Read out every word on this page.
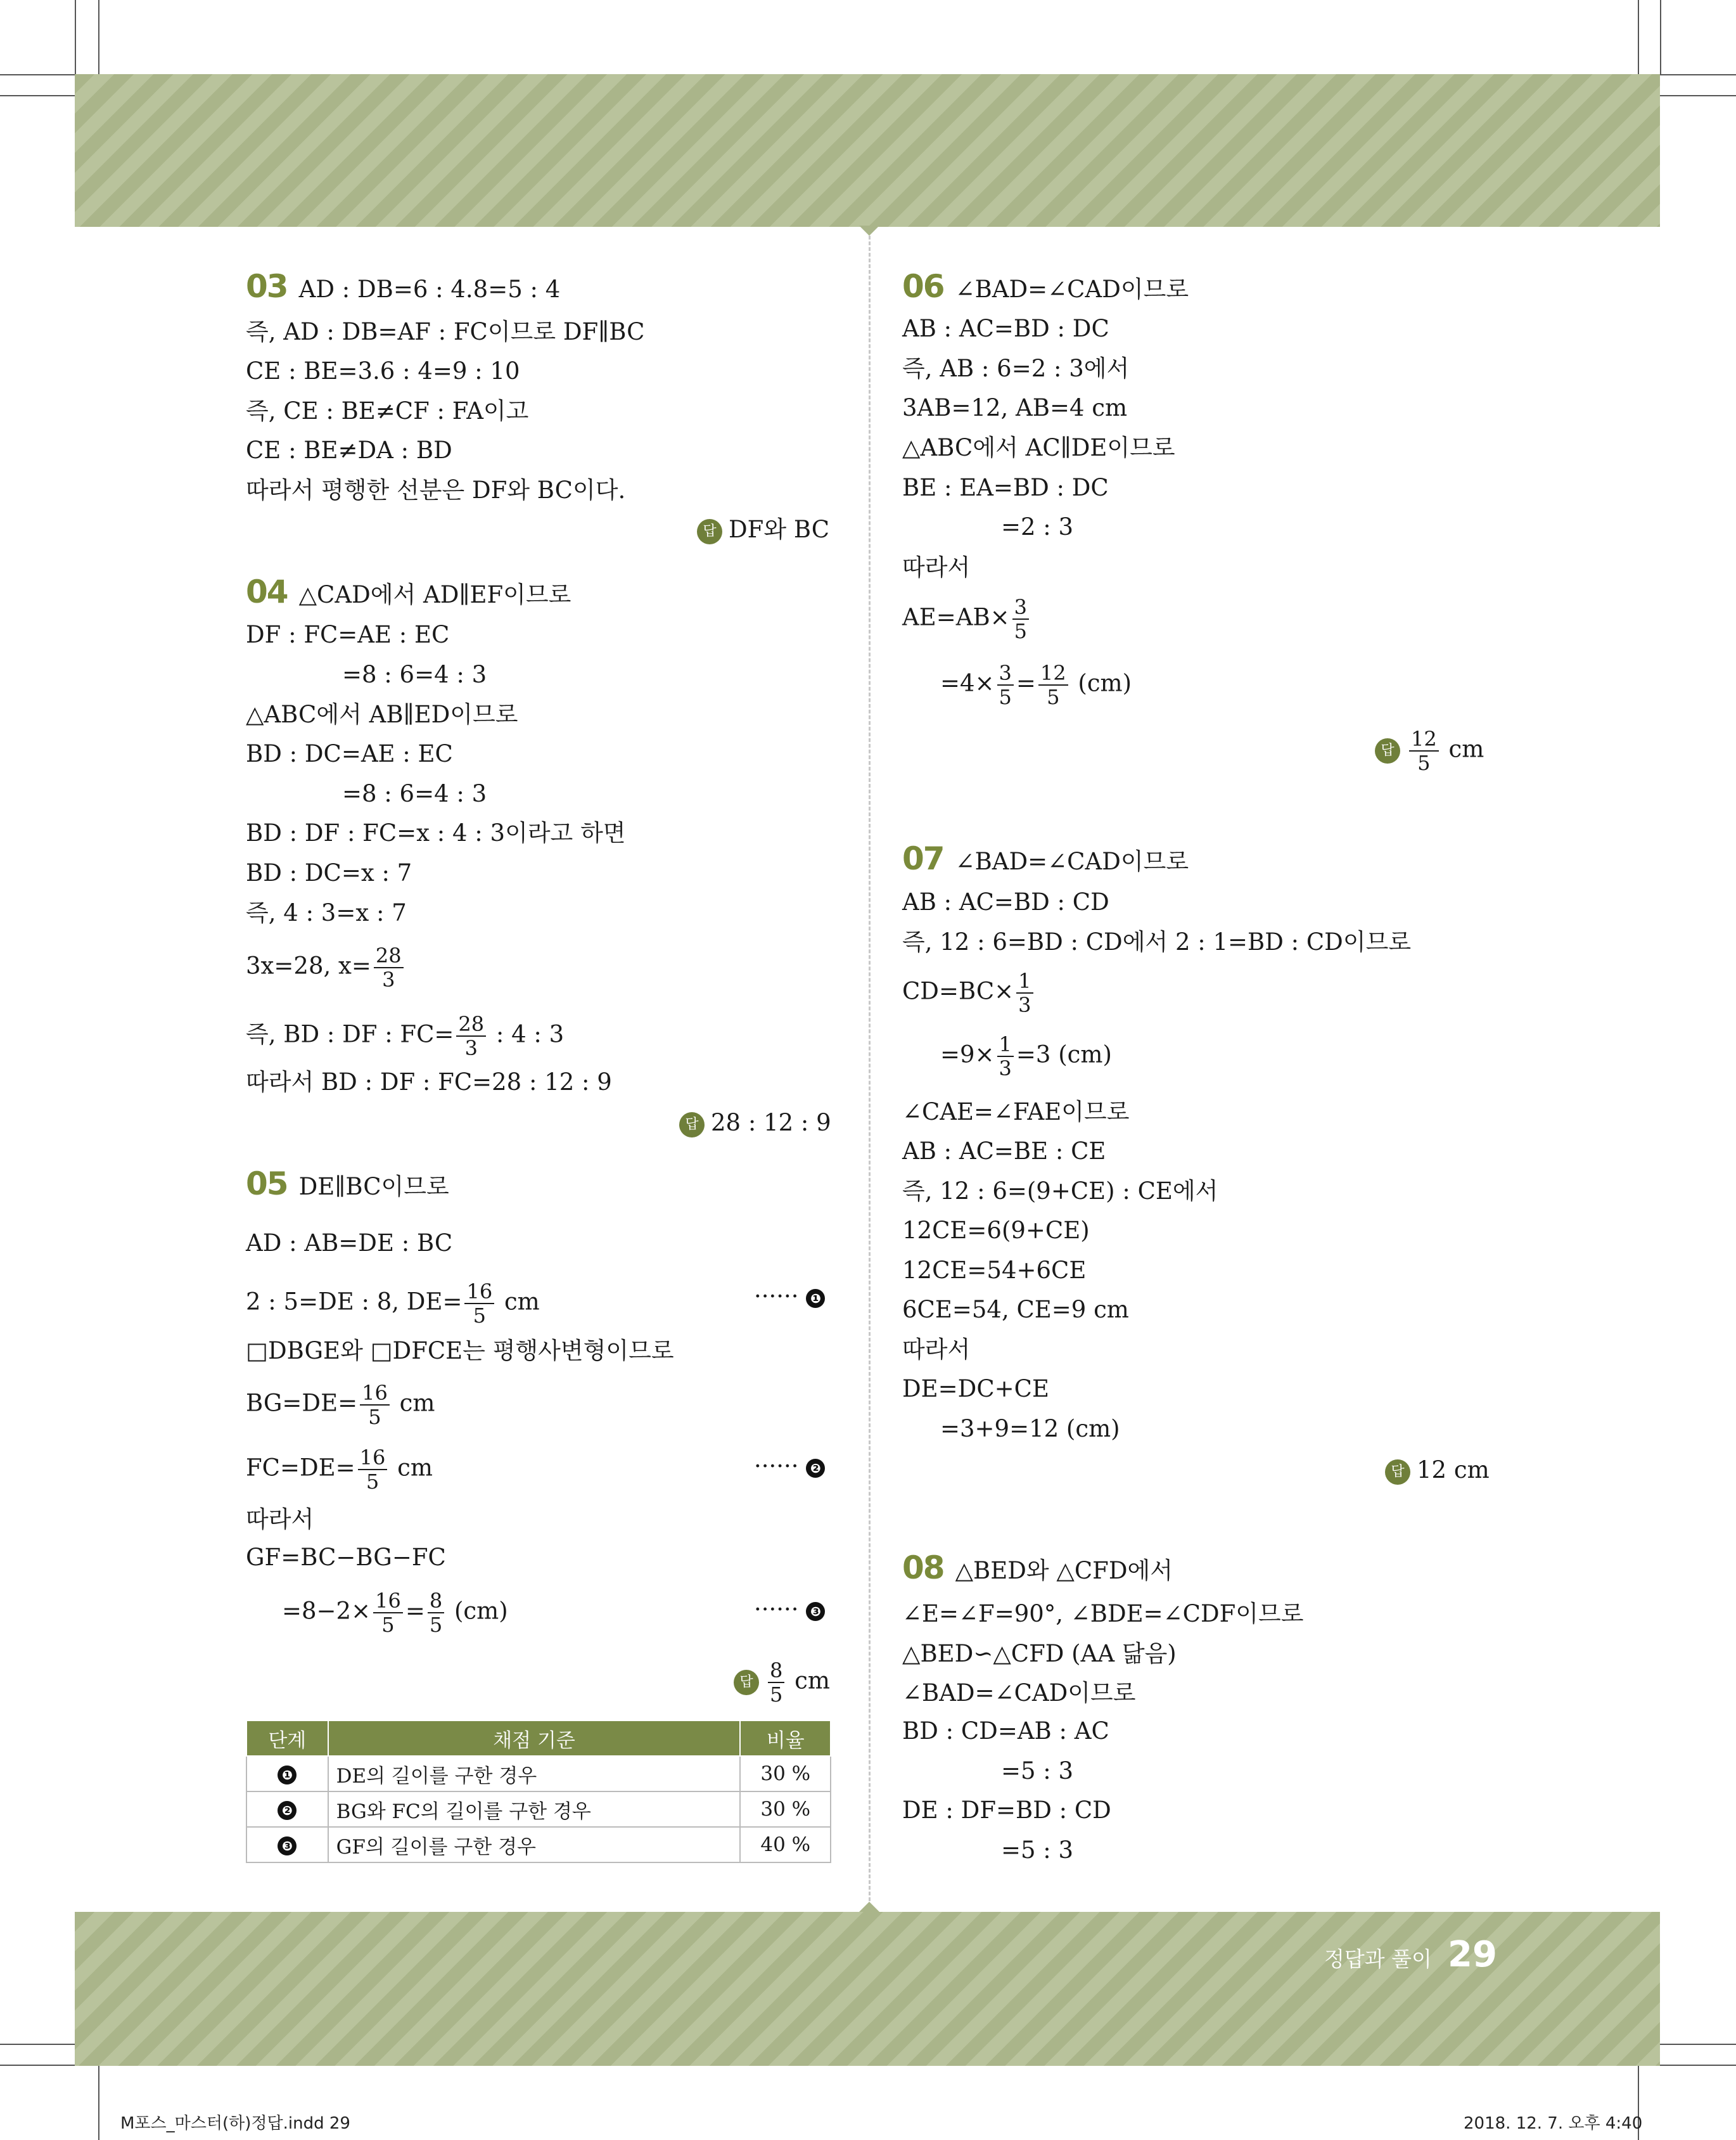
03 AD : DB=6 : 4.8=5 : 4
즉, AD : DB=AF : FC이므로 DF∥BC
CE : BE=3.6 : 4=9 : 10
즉, CE : BE≠CF : FA이고
CE : BE≠DA : BD
따라서 평행한 선분은 DF와 BC이다.
답 DF와 BC
04 △CAD에서 AD∥EF이므로
DF : FC=AE : EC
=8 : 6=4 : 3
△ABC에서 AB∥ED이므로
BD : DC=AE : EC
=8 : 6=4 : 3
BD : DF : FC=x : 4 : 3이라고 하면
BD : DC=x : 7
즉, 4 : 3=x : 7
3x=28, $x= \frac{28}{3}$
즉, BD : DF : $FC= \frac{28}{3}$ : 4 : 3
따라서 BD : DF : FC=28 : 12 : 9
답 28 : 12 : 9
05 DE∥BC이므로
AD : AB=DE : BC
2 : 5=DE : 8, $DE= \frac{16}{5}$ cm	······ ❶
□DBGE와 □DFCE는 평행사변형이므로
$BG=DE= \frac{16}{5}$ cm
$FC=DE= \frac{16}{5}$ cm	······ ❷
따라서
GF=BC−BG−FC
$=8-2\times \frac{16}{5} = \frac{8}{5} (cm)$	······ ❸
답 $\frac{8}{5}$ cm
단계	채점 기준	비율
❶	DE의 길이를 구한 경우	30 %
❷	BG와 FC의 길이를 구한 경우	30 %
❸	GF의 길이를 구한 경우	40 %
06 ∠BAD=∠CAD이므로
AB : AC=BD : DC
즉, AB : 6=2 : 3에서
3AB=12, AB=4 cm
△ABC에서 AC∥DE이므로
BE : EA=BD : DC
=2 : 3
따라서
$AE=AB\times \frac{3}{5}$
$=4\times \frac{3}{5} = \frac{12}{5} (cm)$
답 $\frac{12}{5}$ cm
07 ∠BAD=∠CAD이므로
AB : AC=BD : CD
즉, 12 : 6=BD : CD에서 2 : 1=BD : CD이므로
$CD=BC\times \frac{1}{3}$
$=9\times \frac{1}{3} =3$ (cm)
∠CAE=∠FAE이므로
AB : AC=BE : CE
즉, 12 : 6=(9+CE) : CE에서
12CE=6(9+CE)
12CE=54+6CE
6CE=54, CE=9 cm
따라서
DE=DC+CE
=3+9=12 (cm)
답 12 cm
08 △BED와 △CFD에서
∠E=∠F=90°, ∠BDE=∠CDF이므로
△BED∽△CFD (AA 닮음)
∠BAD=∠CAD이므로
BD : CD=AB : AC
=5 : 3
DE : DF=BD : CD
=5 : 3
정답과 풀이 29
M포스_마스터(하)정답.indd 29	2018. 12. 7. 오후 4:40
